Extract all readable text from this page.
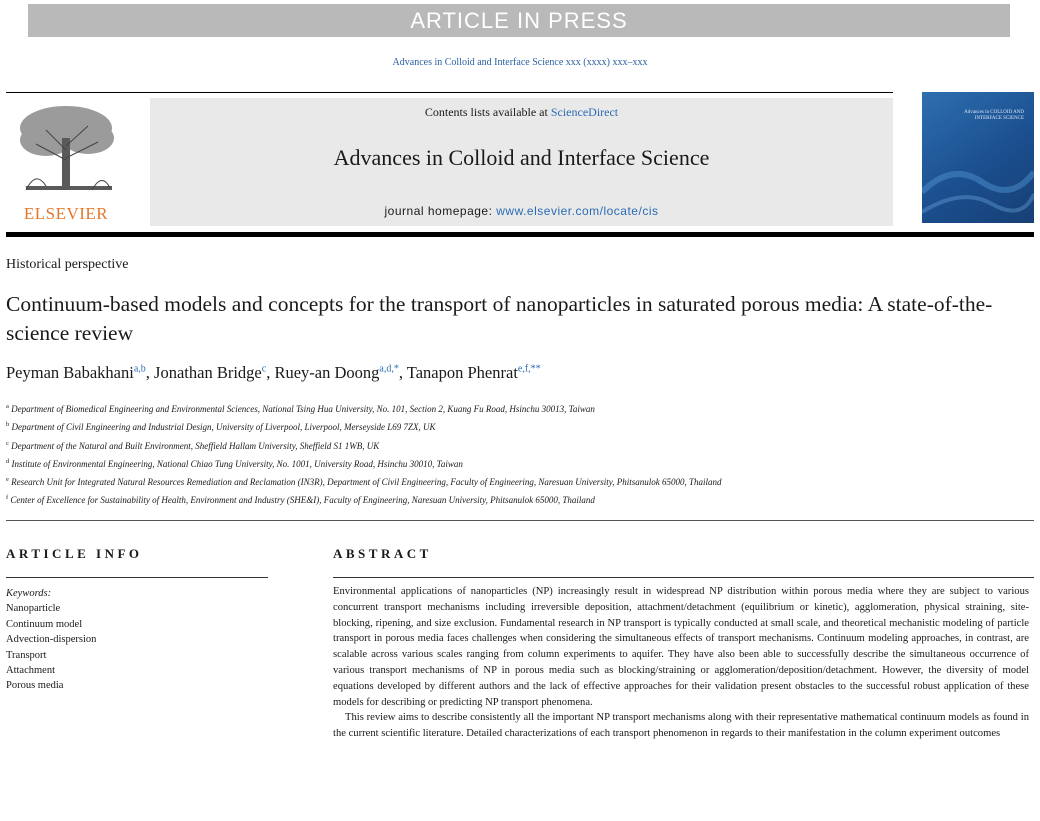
ARTICLE IN PRESS
Advances in Colloid and Interface Science xxx (xxxx) xxx–xxx
ELSEVIER
Contents lists available at ScienceDirect
Advances in Colloid and Interface Science
journal homepage: www.elsevier.com/locate/cis
Advances in COLLOID AND INTERFACE SCIENCE
Historical perspective
Continuum-based models and concepts for the transport of nanoparticles in saturated porous media: A state-of-the-science review
Peyman Babakhani$^{a,b}$, Jonathan Bridge$^c$, Ruey-an Doong$^{a,d,*}$, Tanapon Phenrat$^{e,f,**}$
$^a$ Department of Biomedical Engineering and Environmental Sciences, National Tsing Hua University, No. 101, Section 2, Kuang Fu Road, Hsinchu 30013, Taiwan
$^b$ Department of Civil Engineering and Industrial Design, University of Liverpool, Liverpool, Merseyside L69 7ZX, UK
$^c$ Department of the Natural and Built Environment, Sheffield Hallam University, Sheffield S1 1WB, UK
$^d$ Institute of Environmental Engineering, National Chiao Tung University, No. 1001, University Road, Hsinchu 30010, Taiwan
$^e$ Research Unit for Integrated Natural Resources Remediation and Reclamation (IN3R), Department of Civil Engineering, Faculty of Engineering, Naresuan University, Phitsanulok 65000, Thailand
$^f$ Center of Excellence for Sustainability of Health, Environment and Industry (SHE&I), Faculty of Engineering, Naresuan University, Phitsanulok 65000, Thailand
ARTICLE INFO	ABSTRACT
Keywords:
Nanoparticle
Continuum model
Advection-dispersion
Transport
Attachment
Porous media

Environmental applications of nanoparticles (NP) increasingly result in widespread NP distribution within porous media where they are subject to various concurrent transport mechanisms including irreversible deposition, attachment/detachment (equilibrium or kinetic), agglomeration, physical straining, site-blocking, ripening, and size exclusion. Fundamental research in NP transport is typically conducted at small scale, and theoretical mechanistic modeling of particle transport in porous media faces challenges when considering the simultaneous effects of transport mechanisms. Continuum modeling approaches, in contrast, are scalable across various scales ranging from column experiments to aquifer. They have also been able to successfully describe the simultaneous occurrence of various transport mechanisms of NP in porous media such as blocking/straining or agglomeration/deposition/detachment. However, the diversity of model equations developed by different authors and the lack of effective approaches for their validation present obstacles to the successful robust application of these models for describing or predicting NP transport phenomena.

This review aims to describe consistently all the important NP transport mechanisms along with their representative mathematical continuum models as found in the current scientific literature. Detailed characterizations of each transport phenomenon in regards to their manifestation in the column experiment outcomes
